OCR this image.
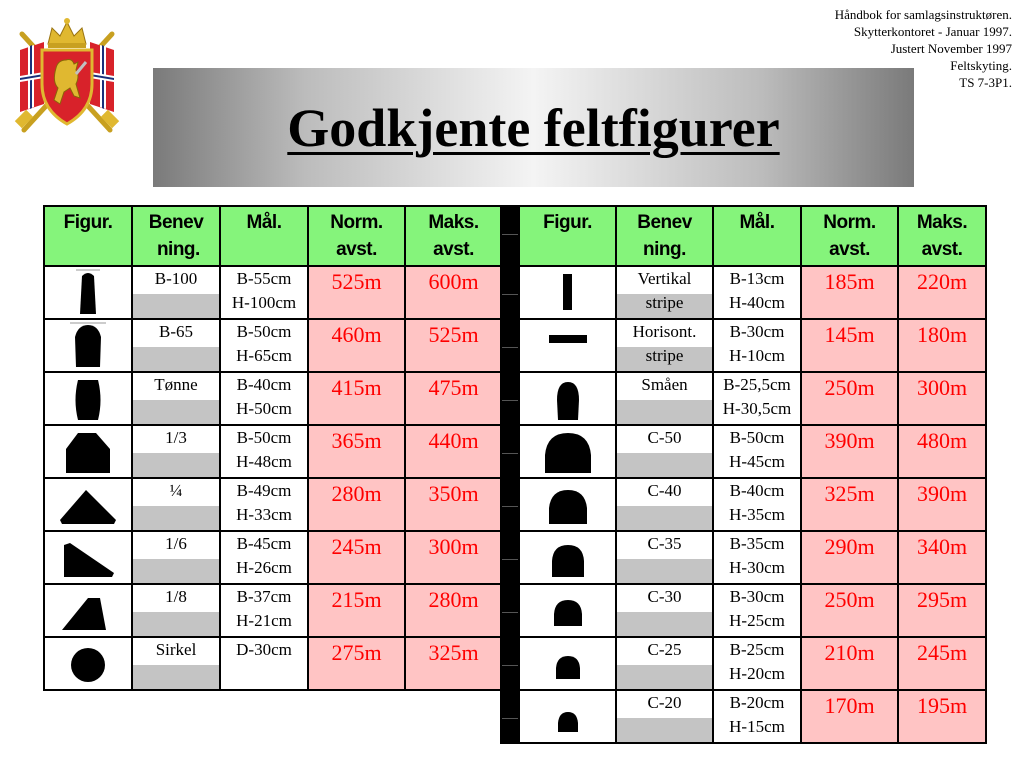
Håndbok for samlagsinstruktøren.
Skytterkontoret - Januar 1997.
Justert November 1997
Feltskyting.
TS 7-3P1.
Godkjente feltfigurer
Figur.	Benev
ning.	Mål.	Norm.
avst.	Maks.
avst.

	B-100	B-55cm
H-100cm	525m	600m

	B-65	B-50cm
H-65cm	460m	525m

	Tønne	B-40cm
H-50cm	415m	475m

	1/3	B-50cm
H-48cm	365m	440m

	¼	B-49cm
H-33cm	280m	350m

	1/6	B-45cm
H-26cm	245m	300m

	1/8	B-37cm
H-21cm	215m	280m

	Sirkel	D-30cm	275m	325m
	Figur.	Benev
ning.	Mål.	Norm.
avst.	Maks.
avst.

	Vertikal
stripe	B-13cm
H-40cm	185m	220m

	Horisont.
stripe	B-30cm
H-10cm	145m	180m

	Småen	B-25,5cm
H-30,5cm	250m	300m

	C-50	B-50cm
H-45cm	390m	480m

	C-40	B-40cm
H-35cm	325m	390m

	C-35	B-35cm
H-30cm	290m	340m

	C-30	B-30cm
H-25cm	250m	295m

	C-25	B-25cm
H-20cm	210m	245m

	C-20	B-20cm
H-15cm	170m	195m
